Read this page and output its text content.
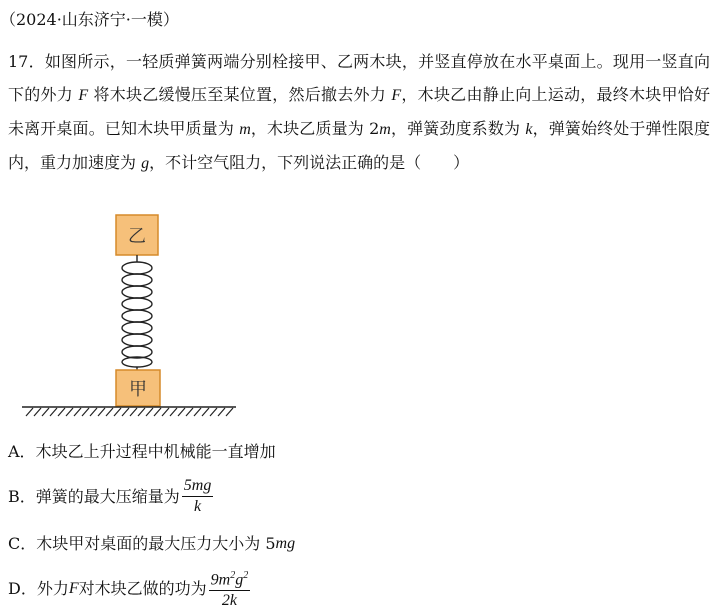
（2024·山东济宁·一模）
17．如图所示，一轻质弹簧两端分别栓接甲、乙两木块，并竖直停放在水平桌面上。现用一竖直向下的外力 F 将木块乙缓慢压至某位置，然后撤去外力 F，木块乙由静止向上运动，最终木块甲恰好未离开桌面。已知木块甲质量为 m，木块乙质量为 2m，弹簧劲度系数为 k，弹簧始终处于弹性限度内，重力加速度为 g，不计空气阻力，下列说法正确的是（　　）
乙
甲
A． 木块乙上升过程中机械能一直增加
B． 弹簧的最大压缩量为 $\frac{5mg}{k}$
C． 木块甲对桌面的最大压力大小为 5 mg
D． 外力 F 对木块乙做的功为 $\frac{9m^2g^2}{2k}$
